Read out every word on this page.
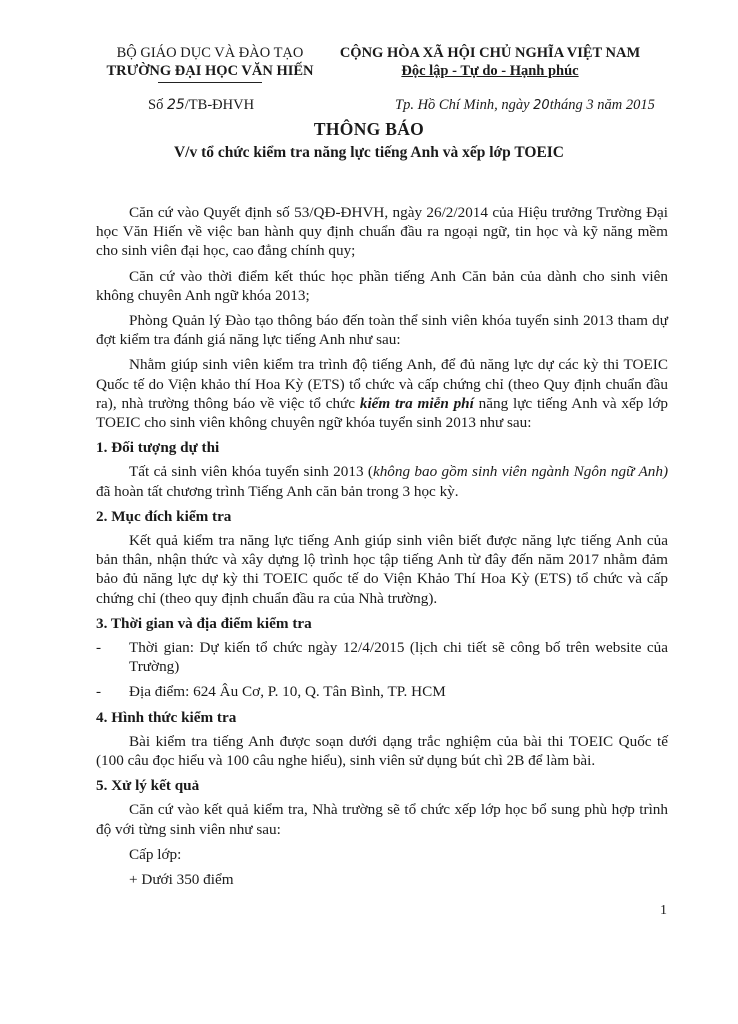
BỘ GIÁO DỤC VÀ ĐÀO TẠO
TRƯỜNG ĐẠI HỌC VĂN HIẾN
CỘNG HÒA XÃ HỘI CHỦ NGHĨA VIỆT NAM
Độc lập - Tự do - Hạnh phúc
Số 25/TB-ĐHVH	Tp. Hồ Chí Minh, ngày 20tháng 3 năm 2015
THÔNG BÁO
V/v tổ chức kiểm tra năng lực tiếng Anh và xếp lớp TOEIC

Căn cứ vào Quyết định số 53/QĐ-ĐHVH, ngày 26/2/2014 của Hiệu trưởng Trường Đại học Văn Hiến về việc ban hành quy định chuẩn đầu ra ngoại ngữ, tin học và kỹ năng mềm cho sinh viên đại học, cao đẳng chính quy;

Căn cứ vào thời điểm kết thúc học phần tiếng Anh Căn bản của dành cho sinh viên không chuyên Anh ngữ khóa 2013;

Phòng Quản lý Đào tạo thông báo đến toàn thể sinh viên khóa tuyển sinh 2013 tham dự đợt kiểm tra đánh giá năng lực tiếng Anh như sau:

Nhằm giúp sinh viên kiểm tra trình độ tiếng Anh, để đủ năng lực dự các kỳ thi TOEIC Quốc tế do Viện khảo thí Hoa Kỳ (ETS) tổ chức và cấp chứng chỉ (theo Quy định chuẩn đầu ra), nhà trường thông báo về việc tổ chức kiểm tra miễn phí năng lực tiếng Anh và xếp lớp TOEIC cho sinh viên không chuyên ngữ khóa tuyển sinh 2013 như sau:

1. Đối tượng dự thi

Tất cả sinh viên khóa tuyển sinh 2013 (không bao gồm sinh viên ngành Ngôn ngữ Anh) đã hoàn tất chương trình Tiếng Anh căn bản trong 3 học kỳ.

2. Mục đích kiểm tra

Kết quả kiểm tra năng lực tiếng Anh giúp sinh viên biết được năng lực tiếng Anh của bản thân, nhận thức và xây dựng lộ trình học tập tiếng Anh từ đây đến năm 2017 nhằm đảm bảo đủ năng lực dự kỳ thi TOEIC quốc tế do Viện Khảo Thí Hoa Kỳ (ETS) tổ chức và cấp chứng chỉ (theo quy định chuẩn đầu ra của Nhà trường).

3. Thời gian và địa điểm kiểm tra
- Thời gian: Dự kiến tổ chức ngày 12/4/2015 (lịch chi tiết sẽ công bố trên website của Trường)
- Địa điểm: 624 Âu Cơ, P. 10, Q. Tân Bình, TP. HCM
4. Hình thức kiểm tra

Bài kiểm tra tiếng Anh được soạn dưới dạng trắc nghiệm của bài thi TOEIC Quốc tế (100 câu đọc hiểu và 100 câu nghe hiểu), sinh viên sử dụng bút chì 2B để làm bài.

5. Xử lý kết quả

Căn cứ vào kết quả kiểm tra, Nhà trường sẽ tổ chức xếp lớp học bổ sung phù hợp trình độ với từng sinh viên như sau:

Cấp lớp:

+ Dưới 350 điểm

1
